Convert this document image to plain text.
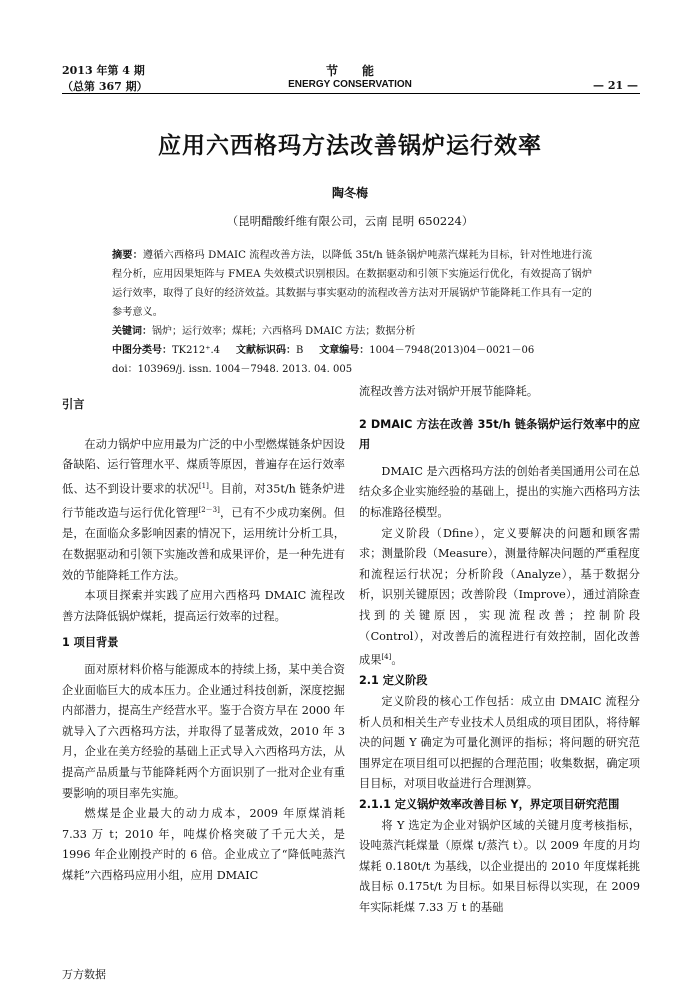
2013 年第 4 期
（总第 367 期）
节　　能
ENERGY CONSERVATION	— 21 —
应用六西格玛方法改善锅炉运行效率
陶冬梅
（昆明醋酸纤维有限公司，云南 昆明 650224）
摘要：遵循六西格玛 DMAIC 流程改善方法，以降低 35t/h 链条锅炉吨蒸汽煤耗为目标，针对性地进行流程分析，应用因果矩阵与 FMEA 失效模式识别根因。在数据驱动和引领下实施运行优化，有效提高了锅炉运行效率，取得了良好的经济效益。其数据与事实驱动的流程改善方法对开展锅炉节能降耗工作具有一定的参考意义。
关键词：锅炉；运行效率；煤耗；六西格玛 DMAIC 方法；数据分析
中图分类号：TK212⁺.4 文献标识码：B 文章编号：1004－7948(2013)04－0021－06
doi：103969/j. issn. 1004－7948. 2013. 04. 005
引言

在动力锅炉中应用最为广泛的中小型燃煤链条炉因设备缺陷、运行管理水平、煤质等原因，普遍存在运行效率低、达不到设计要求的状况[1]。目前，对35t/h 链条炉进行节能改造与运行优化管理[2－3]，已有不少成功案例。但是，在面临众多影响因素的情况下，运用统计分析工具，在数据驱动和引领下实施改善和成果评价，是一种先进有效的节能降耗工作方法。

本项目探索并实践了应用六西格玛 DMAIC 流程改善方法降低锅炉煤耗，提高运行效率的过程。

1 项目背景

面对原材料价格与能源成本的持续上扬，某中美合资企业面临巨大的成本压力。企业通过科技创新，深度挖掘内部潜力，提高生产经营水平。鉴于合资方早在 2000 年就导入了六西格玛方法，并取得了显著成效，2010 年 3 月，企业在美方经验的基础上正式导入六西格玛方法，从提高产品质量与节能降耗两个方面识别了一批对企业有重要影响的项目率先实施。

燃煤是企业最大的动力成本，2009 年原煤消耗 7.33 万 t；2010 年，吨煤价格突破了千元大关，是 1996 年企业刚投产时的 6 倍。企业成立了“降低吨蒸汽煤耗”六西格玛应用小组，应用 DMAIC

流程改善方法对锅炉开展节能降耗。

2 DMAIC 方法在改善 35t/h 链条锅炉运行效率中的应用

DMAIC 是六西格玛方法的创始者美国通用公司在总结众多企业实施经验的基础上，提出的实施六西格玛方法的标准路径模型。

定义阶段（Dfine），定义要解决的问题和顾客需求；测量阶段（Measure），测量待解决问题的严重程度和流程运行状况；分析阶段（Analyze），基于数据分析，识别关键原因；改善阶段（Improve），通过消除查找到的关键原因，实现流程改善；控制阶段（Control），对改善后的流程进行有效控制，固化改善成果[4]。

2.1 定义阶段

定义阶段的核心工作包括：成立由 DMAIC 流程分析人员和相关生产专业技术人员组成的项目团队，将待解决的问题 Y 确定为可量化测评的指标；将问题的研究范围界定在项目组可以把握的合理范围；收集数据，确定项目目标，对项目收益进行合理测算。

2.1.1 定义锅炉效率改善目标 Y，界定项目研究范围

将 Y 选定为企业对锅炉区域的关键月度考核指标，设吨蒸汽耗煤量（原煤 t/蒸汽 t）。以 2009 年度的月均煤耗 0.180t/t 为基线，以企业提出的 2010 年度煤耗挑战目标 0.175t/t 为目标。如果目标得以实现，在 2009 年实际耗煤 7.33 万 t 的基础

万方数据
